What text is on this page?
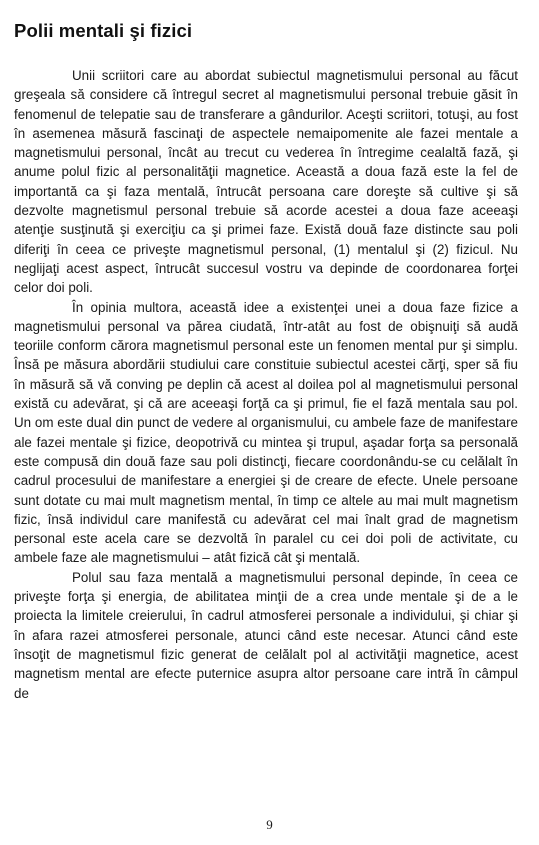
Polii mentali şi fizici

Unii scriitori care au abordat subiectul magnetismului personal au făcut greşeala să considere că întregul secret al magnetismului personal trebuie găsit în fenomenul de telepatie sau de transferare a gândurilor. Aceşti scriitori, totuşi, au fost în asemenea măsură fascinaţi de aspectele nemaipomenite ale fazei mentale a magnetismului personal, încât au trecut cu vederea în întregime cealaltă fază, şi anume polul fizic al personalităţii magnetice. Această a doua fază este la fel de importantă ca şi faza mentală, întrucât persoana care doreşte să cultive şi să dezvolte magnetismul personal trebuie să acorde acestei a doua faze aceeaşi atenţie susţinută şi exerciţiu ca şi primei faze. Există două faze distincte sau poli diferiţi în ceea ce priveşte magnetismul personal, (1) mentalul şi (2) fizicul. Nu neglijaţi acest aspect, întrucât succesul vostru va depinde de coordonarea forţei celor doi poli.

În opinia multora, această idee a existenţei unei a doua faze fizice a magnetismului personal va părea ciudată, într-atât au fost de obişnuiţi să audă teoriile conform cărora magnetismul personal este un fenomen mental pur şi simplu. Însă pe măsura abordării studiului care constituie subiectul acestei cărţi, sper să fiu în măsură să vă conving pe deplin că acest al doilea pol al magnetismului personal există cu adevărat, şi că are aceeaşi forţă ca şi primul, fie el fază mentala sau pol. Un om este dual din punct de vedere al organismului, cu ambele faze de manifestare ale fazei mentale şi fizice, deopotrivă cu mintea şi trupul, aşadar forţa sa personală este compusă din două faze sau poli distincţi, fiecare coordonându-se cu celălalt în cadrul procesului de manifestare a energiei şi de creare de efecte. Unele persoane sunt dotate cu mai mult magnetism mental, în timp ce altele au mai mult magnetism fizic, însă individul care manifestă cu adevărat cel mai înalt grad de magnetism personal este acela care se dezvoltă în paralel cu cei doi poli de activitate, cu ambele faze ale magnetismului – atât fizică cât şi mentală.

Polul sau faza mentală a magnetismului personal depinde, în ceea ce priveşte forţa şi energia, de abilitatea minţii de a crea unde mentale şi de a le proiecta la limitele creierului, în cadrul atmosferei personale a individului, şi chiar şi în afara razei atmosferei personale, atunci când este necesar. Atunci când este însoţit de magnetismul fizic generat de celălalt pol al activităţii magnetice, acest magnetism mental are efecte puternice asupra altor persoane care intră în câmpul de

9
